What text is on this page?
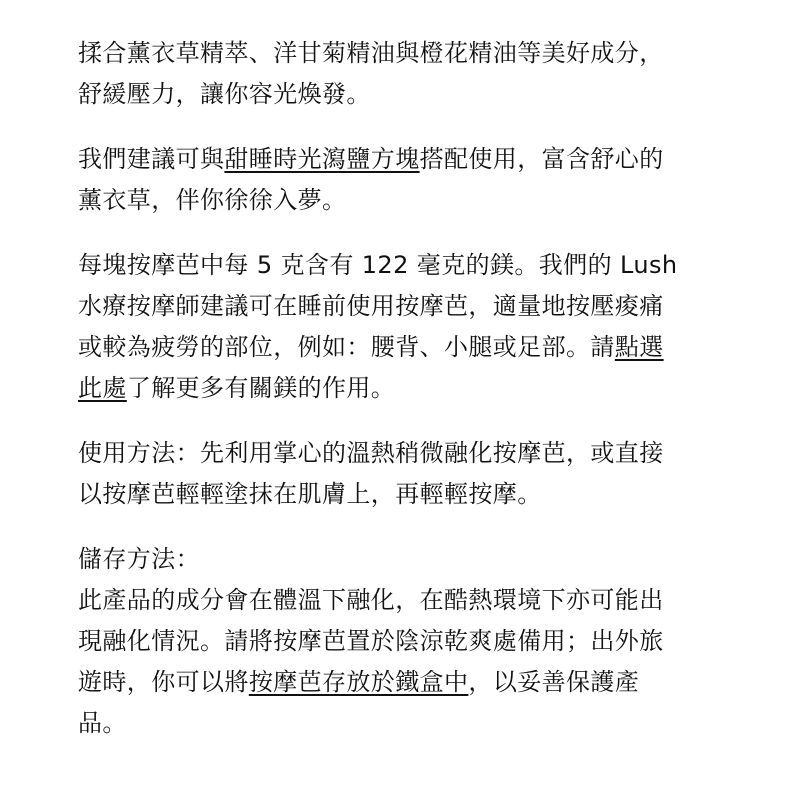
揉合薰衣草精萃、洋甘菊精油與橙花精油等美好成分，
舒緩壓力，讓你容光煥發。
我們建議可與甜睡時光瀉鹽方塊搭配使用，富含舒心的
薰衣草，伴你徐徐入夢。
每塊按摩芭中每 5 克含有 122 毫克的鎂。我們的 Lush
水療按摩師建議可在睡前使用按摩芭，適量地按壓痠痛
或較為疲勞的部位，例如：腰背、小腿或足部。請點選
此處了解更多有關鎂的作用。
使用方法：先利用掌心的溫熱稍微融化按摩芭，或直接
以按摩芭輕輕塗抹在肌膚上，再輕輕按摩。
儲存方法：
此產品的成分會在體溫下融化，在酷熱環境下亦可能出
現融化情況。請將按摩芭置於陰涼乾爽處備用；出外旅
遊時，你可以將按摩芭存放於鐵盒中，以妥善保護產
品。
